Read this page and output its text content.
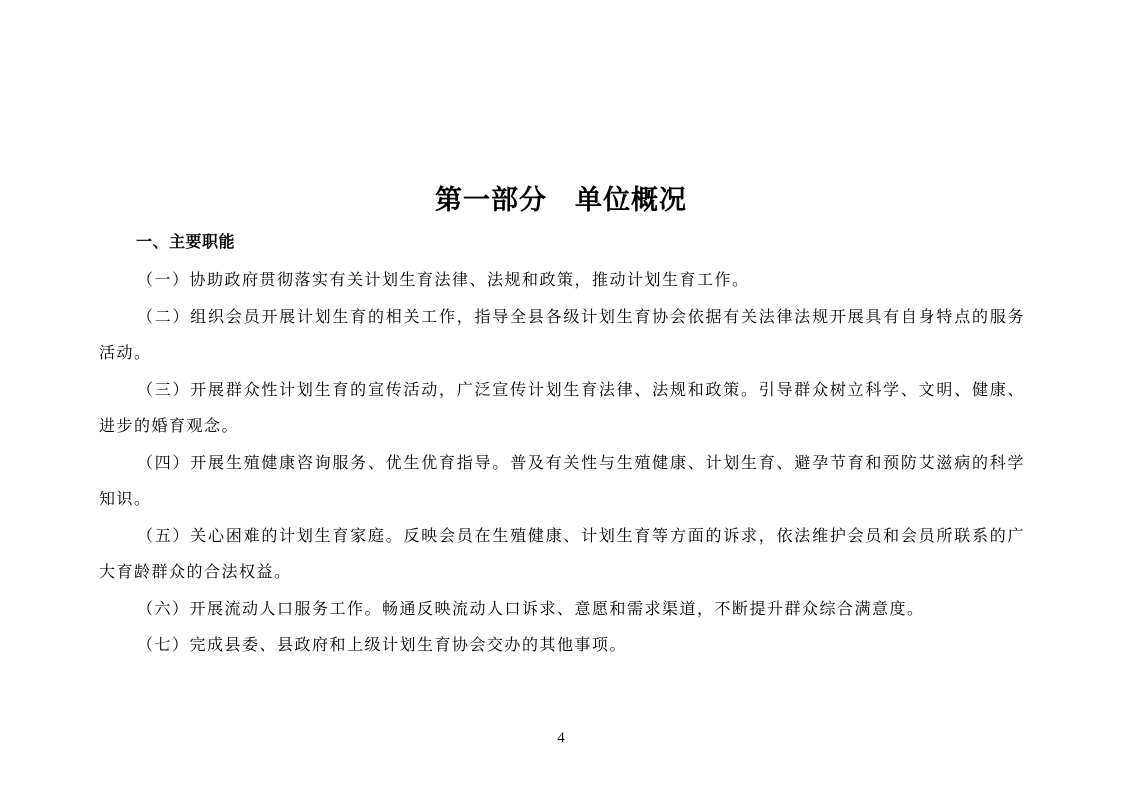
第一部分　单位概况
一、主要职能

（一）协助政府贯彻落实有关计划生育法律、法规和政策，推动计划生育工作。

（二）组织会员开展计划生育的相关工作，指导全县各级计划生育协会依据有关法律法规开展具有自身特点的服务活动。

（三）开展群众性计划生育的宣传活动，广泛宣传计划生育法律、法规和政策。引导群众树立科学、文明、健康、进步的婚育观念。

（四）开展生殖健康咨询服务、优生优育指导。普及有关性与生殖健康、计划生育、避孕节育和预防艾滋病的科学知识。

（五）关心困难的计划生育家庭。反映会员在生殖健康、计划生育等方面的诉求，依法维护会员和会员所联系的广大育龄群众的合法权益。

（六）开展流动人口服务工作。畅通反映流动人口诉求、意愿和需求渠道，不断提升群众综合满意度。

（七）完成县委、县政府和上级计划生育协会交办的其他事项。

4
